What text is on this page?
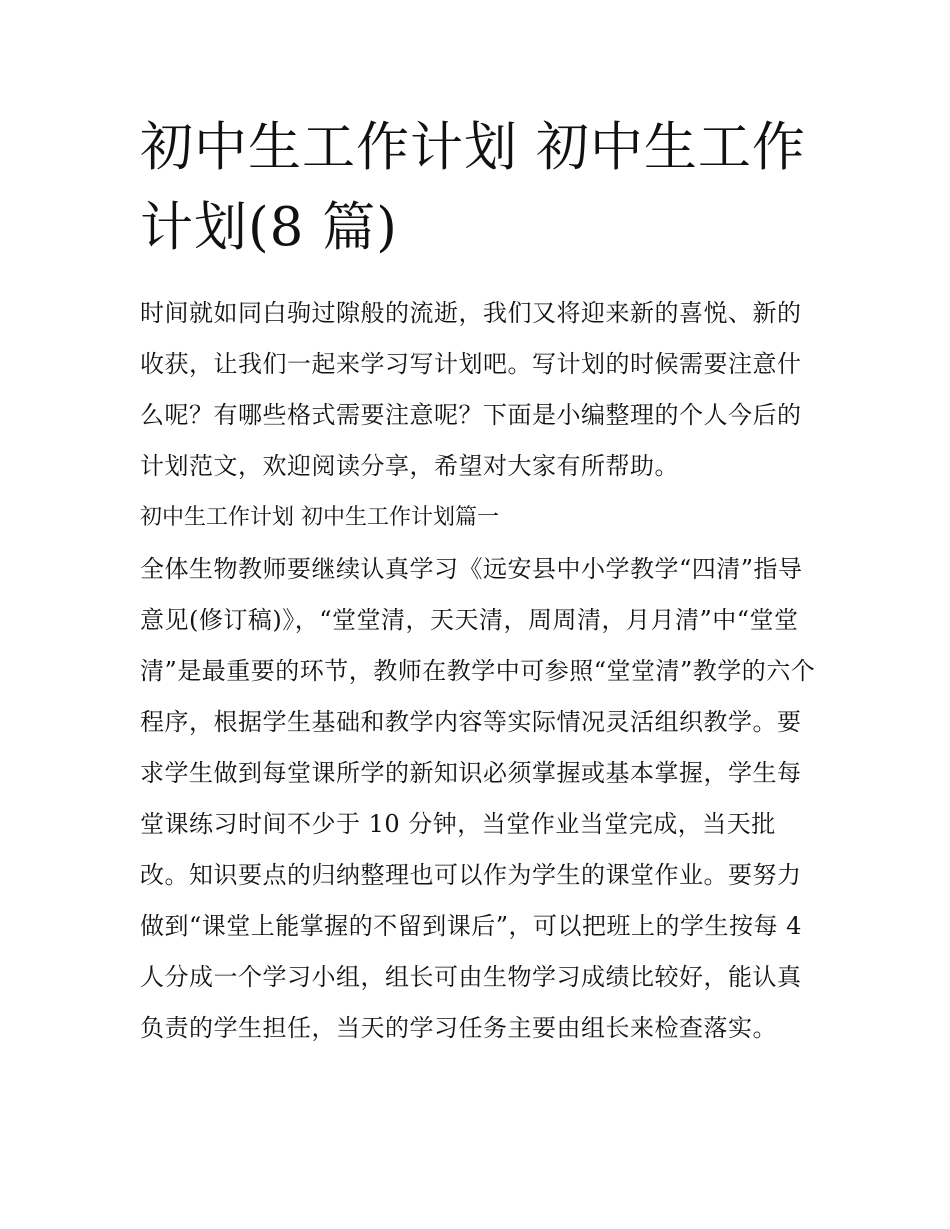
初中生工作计划 初中生工作计划(8 篇)

时间就如同白驹过隙般的流逝，我们又将迎来新的喜悦、新的收获，让我们一起来学习写计划吧。写计划的时候需要注意什么呢？有哪些格式需要注意呢？下面是小编整理的个人今后的计划范文，欢迎阅读分享，希望对大家有所帮助。

初中生工作计划 初中生工作计划篇一

全体生物教师要继续认真学习《远安县中小学教学“四清”指导意见(修订稿)》，“堂堂清，天天清，周周清，月月清”中“堂堂清”是最重要的环节，教师在教学中可参照“堂堂清”教学的六个程序，根据学生基础和教学内容等实际情况灵活组织教学。要求学生做到每堂课所学的新知识必须掌握或基本掌握，学生每堂课练习时间不少于 10 分钟，当堂作业当堂完成，当天批改。知识要点的归纳整理也可以作为学生的课堂作业。要努力做到“课堂上能掌握的不留到课后”，可以把班上的学生按每 4 人分成一个学习小组，组长可由生物学习成绩比较好，能认真负责的学生担任，当天的学习任务主要由组长来检查落实。
